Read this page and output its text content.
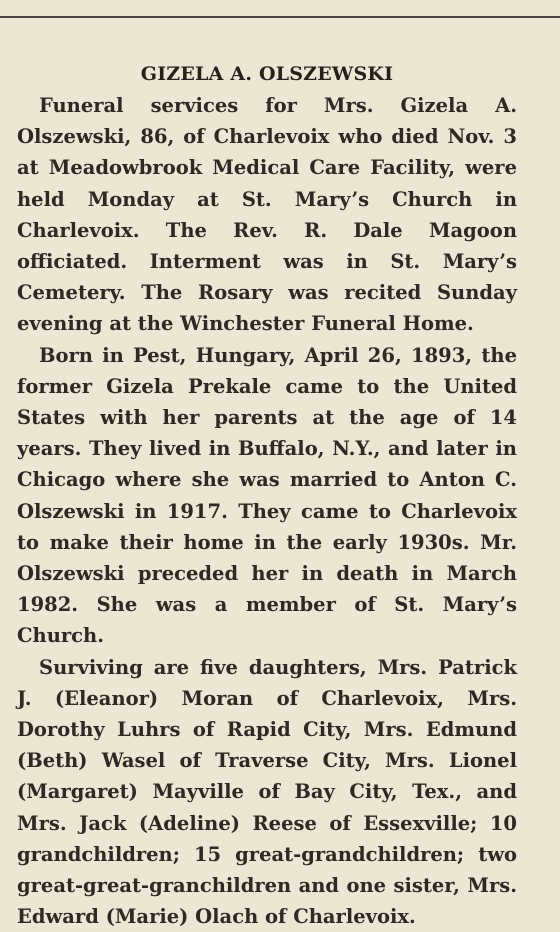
GIZELA A. OLSZEWSKI

Funeral services for Mrs. Gizela A. Olszewski, 86, of Charlevoix who died Nov. 3 at Meadowbrook Medical Care Facility, were held Monday at St. Mary’s Church in Charlevoix. The Rev. R. Dale Magoon officiated. Interment was in St. Mary’s Cemetery. The Rosary was recited Sunday evening at the Winchester Funeral Home.

Born in Pest, Hungary, April 26, 1893, the former Gizela Prekale came to the United States with her parents at the age of 14 years. They lived in Buffalo, N.Y., and later in Chicago where she was married to Anton C. Olszewski in 1917. They came to Charlevoix to make their home in the early 1930s. Mr. Olszewski preceded her in death in March 1982. She was a member of St. Mary’s Church.

Surviving are five daughters, Mrs. Patrick J. (Eleanor) Moran of Charlevoix, Mrs. Dorothy Luhrs of Rapid City, Mrs. Edmund (Beth) Wasel of Traverse City, Mrs. Lionel (Margaret) Mayville of Bay City, Tex., and Mrs. Jack (Adeline) Reese of Essexville; 10 grandchildren; 15 great-grandchildren; two great-great-granchildren and one sister, Mrs. Edward (Marie) Olach of Charlevoix.
